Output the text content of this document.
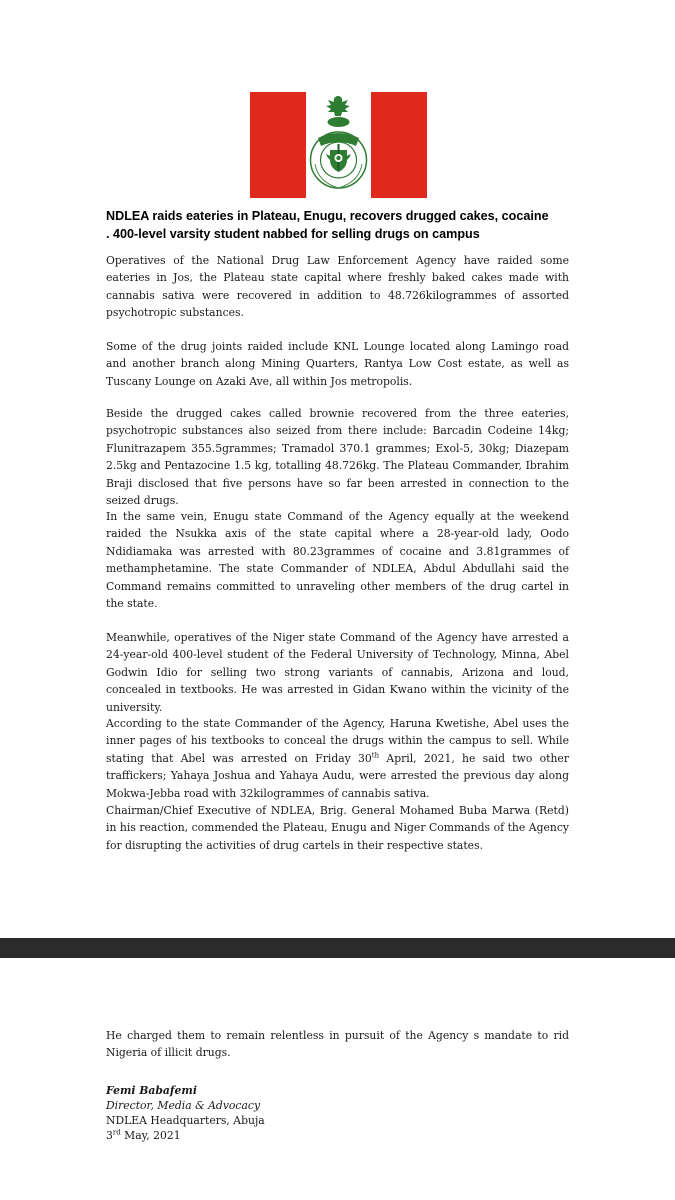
NDLEA raids eateries in Plateau, Enugu, recovers drugged cakes, cocaine
. 400-level varsity student nabbed for selling drugs on campus

Operatives of the National Drug Law Enforcement Agency have raided some eateries in Jos, the Plateau state capital where freshly baked cakes made with cannabis sativa were recovered in addition to 48.726kilogrammes of assorted psychotropic substances.

Some of the drug joints raided include KNL Lounge located along Lamingo road and another branch along Mining Quarters, Rantya Low Cost estate, as well as Tuscany Lounge on Azaki Ave, all within Jos metropolis.

Beside the drugged cakes called brownie recovered from the three eateries, psychotropic substances also seized from there include: Barcadin Codeine 14kg; Flunitrazapem 355.5grammes; Tramadol 370.1 grammes; Exol-5, 30kg; Diazepam 2.5kg and Pentazocine 1.5 kg, totalling 48.726kg. The Plateau Commander, Ibrahim Braji disclosed that five persons have so far been arrested in connection to the seized drugs.

In the same vein, Enugu state Command of the Agency equally at the weekend raided the Nsukka axis of the state capital where a 28-year-old lady, Oodo Ndidiamaka was arrested with 80.23grammes of cocaine and 3.81grammes of methamphetamine. The state Commander of NDLEA, Abdul Abdullahi said the Command remains committed to unraveling other members of the drug cartel in the state.

Meanwhile, operatives of the Niger state Command of the Agency have arrested a 24-year-old 400-level student of the Federal University of Technology, Minna, Abel Godwin Idio for selling two strong variants of cannabis, Arizona and loud, concealed in textbooks. He was arrested in Gidan Kwano within the vicinity of the university.

According to the state Commander of the Agency, Haruna Kwetishe, Abel uses the inner pages of his textbooks to conceal the drugs within the campus to sell. While stating that Abel was arrested on Friday 30th April, 2021, he said two other traffickers; Yahaya Joshua and Yahaya Audu, were arrested the previous day along Mokwa-Jebba road with 32kilogrammes of cannabis sativa.

Chairman/Chief Executive of NDLEA, Brig. General Mohamed Buba Marwa (Retd) in his reaction, commended the Plateau, Enugu and Niger Commands of the Agency for disrupting the activities of drug cartels in their respective states.

He charged them to remain relentless in pursuit of the Agency s mandate to rid Nigeria of illicit drugs.

Femi Babafemi

Director, Media & Advocacy

NDLEA Headquarters, Abuja

3rd May, 2021
